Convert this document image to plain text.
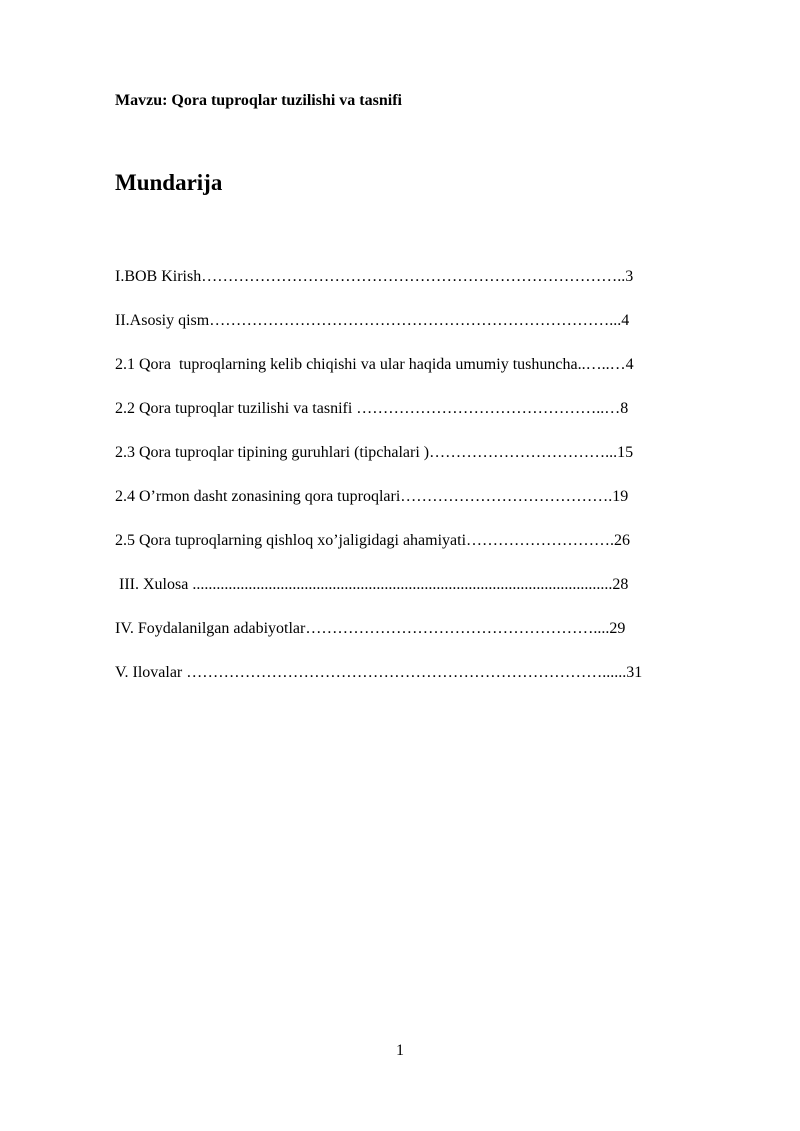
Mavzu: Qora tuproqlar tuzilishi va tasnifi
Mundarija
I.BOB Kirish……………………………………………………………………..3
II.Asosiy qism…………………………………………………………………...4
2.1 Qora  tuproqlarning kelib chiqishi va ular haqida umumiy tushuncha..…..…4
2.2 Qora tuproqlar tuzilishi va tasnifi ………………………………………..…8
2.3 Qora tuproqlar tipining guruhlari (tipchalari )……………………………...15
2.4 O’rmon dasht zonasining qora tuproqlari………………………………….19
2.5 Qora tuproqlarning qishloq xo’jaligidagi ahamiyati……………………….26
III. Xulosa .........................................................................................................28
IV. Foydalanilgan adabiyotlar………………………………………………....29
V. Ilovalar ……………………………………………………………………......31
1
